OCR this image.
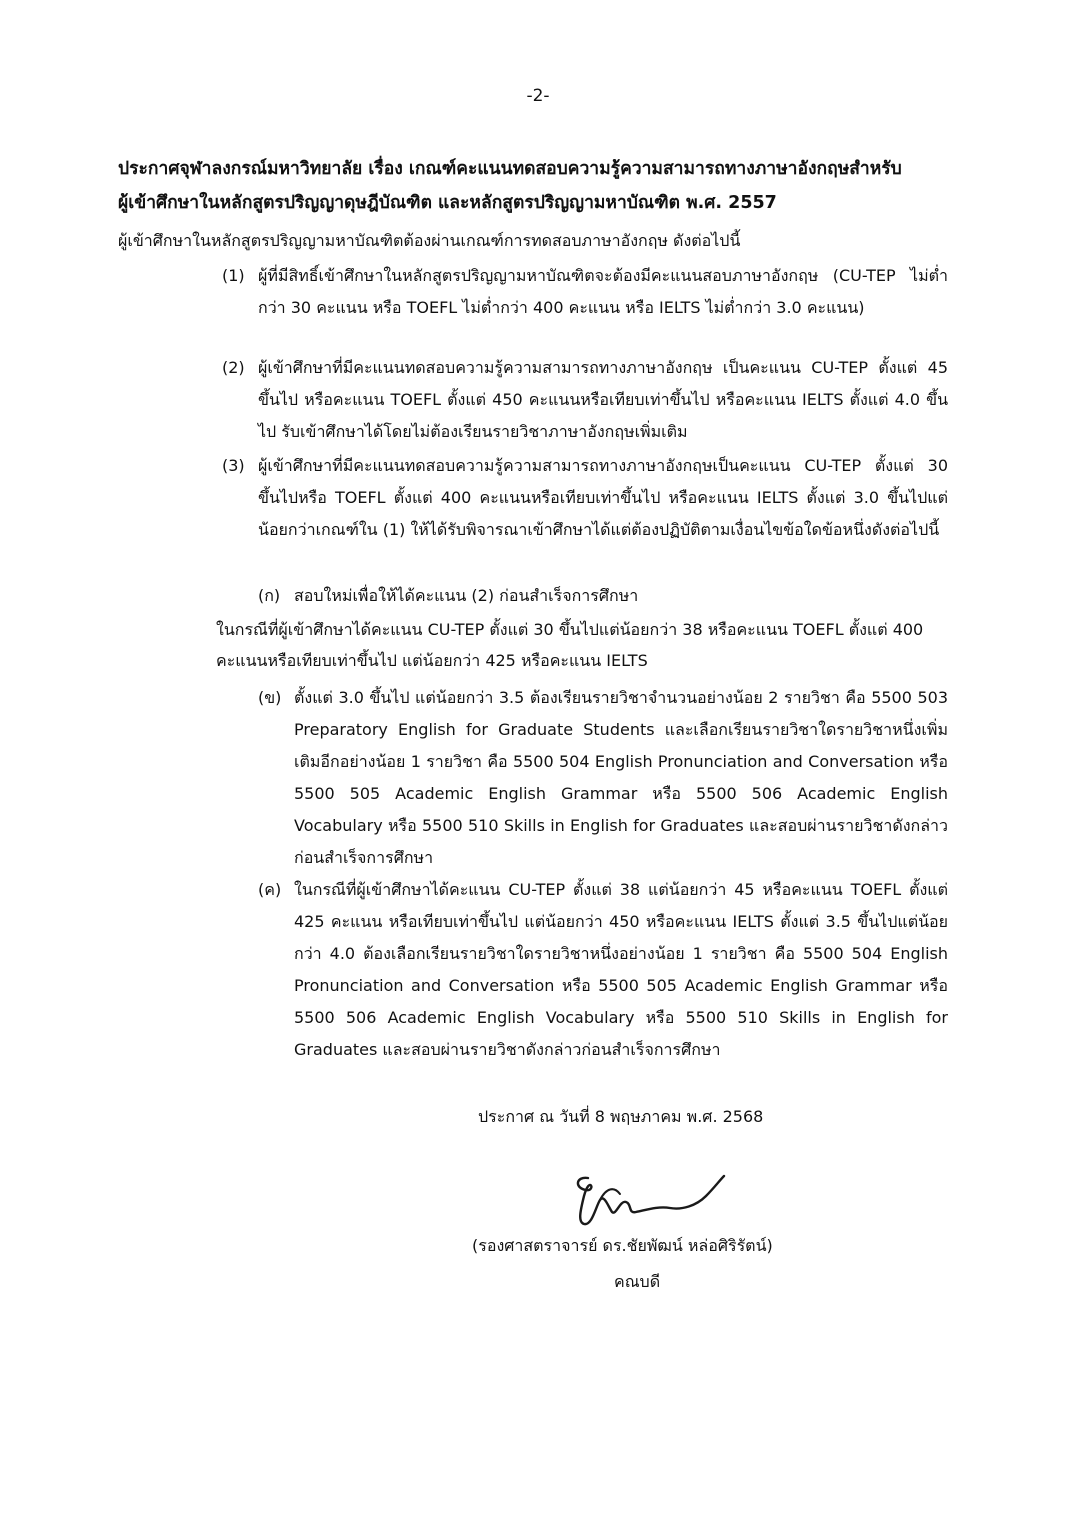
-2-
ประกาศจุฬาลงกรณ์มหาวิทยาลัย เรื่อง เกณฑ์คะแนนทดสอบความรู้ความสามารถทางภาษาอังกฤษสำหรับ
ผู้เข้าศึกษาในหลักสูตรปริญญาดุษฎีบัณฑิต และหลักสูตรปริญญามหาบัณฑิต พ.ศ. 2557
ผู้เข้าศึกษาในหลักสูตรปริญญามหาบัณฑิตต้องผ่านเกณฑ์การทดสอบภาษาอังกฤษ ดังต่อไปนี้
(1) ผู้ที่มีสิทธิ์เข้าศึกษาในหลักสูตรปริญญามหาบัณฑิตจะต้องมีคะแนนสอบภาษาอังกฤษ (CU-TEP ไม่ต่ำกว่า 30 คะแนน หรือ TOEFL ไม่ต่ำกว่า 400 คะแนน หรือ IELTS ไม่ต่ำกว่า 3.0 คะแนน)
(2) ผู้เข้าศึกษาที่มีคะแนนทดสอบความรู้ความสามารถทางภาษาอังกฤษ เป็นคะแนน CU-TEP ตั้งแต่ 45 ขึ้นไป หรือคะแนน TOEFL ตั้งแต่ 450 คะแนนหรือเทียบเท่าขึ้นไป หรือคะแนน IELTS ตั้งแต่ 4.0 ขึ้นไป รับเข้าศึกษาได้โดยไม่ต้องเรียนรายวิชาภาษาอังกฤษเพิ่มเติม
(3) ผู้เข้าศึกษาที่มีคะแนนทดสอบความรู้ความสามารถทางภาษาอังกฤษเป็นคะแนน CU-TEP ตั้งแต่ 30 ขึ้นไปหรือ TOEFL ตั้งแต่ 400 คะแนนหรือเทียบเท่าขึ้นไป หรือคะแนน IELTS ตั้งแต่ 3.0 ขึ้นไปแต่น้อยกว่าเกณฑ์ใน (1) ให้ได้รับพิจารณาเข้าศึกษาได้แต่ต้องปฏิบัติตามเงื่อนไขข้อใดข้อหนึ่งดังต่อไปนี้
(ก) สอบใหม่เพื่อให้ได้คะแนน (2) ก่อนสำเร็จการศึกษา
ในกรณีที่ผู้เข้าศึกษาได้คะแนน CU-TEP ตั้งแต่ 30 ขึ้นไปแต่น้อยกว่า 38 หรือคะแนน TOEFL ตั้งแต่ 400 คะแนนหรือเทียบเท่าขึ้นไป แต่น้อยกว่า 425 หรือคะแนน IELTS
(ข) ตั้งแต่ 3.0 ขึ้นไป แต่น้อยกว่า 3.5 ต้องเรียนรายวิชาจำนวนอย่างน้อย 2 รายวิชา คือ 5500 503 Preparatory English for Graduate Students และเลือกเรียนรายวิชาใดรายวิชาหนึ่งเพิ่มเติมอีกอย่างน้อย 1 รายวิชา คือ 5500 504 English Pronunciation and Conversation หรือ 5500 505 Academic English Grammar หรือ 5500 506 Academic English Vocabulary หรือ 5500 510 Skills in English for Graduates และสอบผ่านรายวิชาดังกล่าวก่อนสำเร็จการศึกษา
(ค) ในกรณีที่ผู้เข้าศึกษาได้คะแนน CU-TEP ตั้งแต่ 38 แต่น้อยกว่า 45 หรือคะแนน TOEFL ตั้งแต่ 425 คะแนน หรือเทียบเท่าขึ้นไป แต่น้อยกว่า 450 หรือคะแนน IELTS ตั้งแต่ 3.5 ขึ้นไปแต่น้อยกว่า 4.0 ต้องเลือกเรียนรายวิชาใดรายวิชาหนึ่งอย่างน้อย 1 รายวิชา คือ 5500 504 English Pronunciation and Conversation หรือ 5500 505 Academic English Grammar หรือ 5500 506 Academic English Vocabulary หรือ 5500 510 Skills in English for Graduates และสอบผ่านรายวิชาดังกล่าวก่อนสำเร็จการศึกษา
ประกาศ ณ วันที่ 8 พฤษภาคม พ.ศ. 2568
(รองศาสตราจารย์ ดร.ชัยพัฒน์ หล่อศิริรัตน์)
คณบดี
